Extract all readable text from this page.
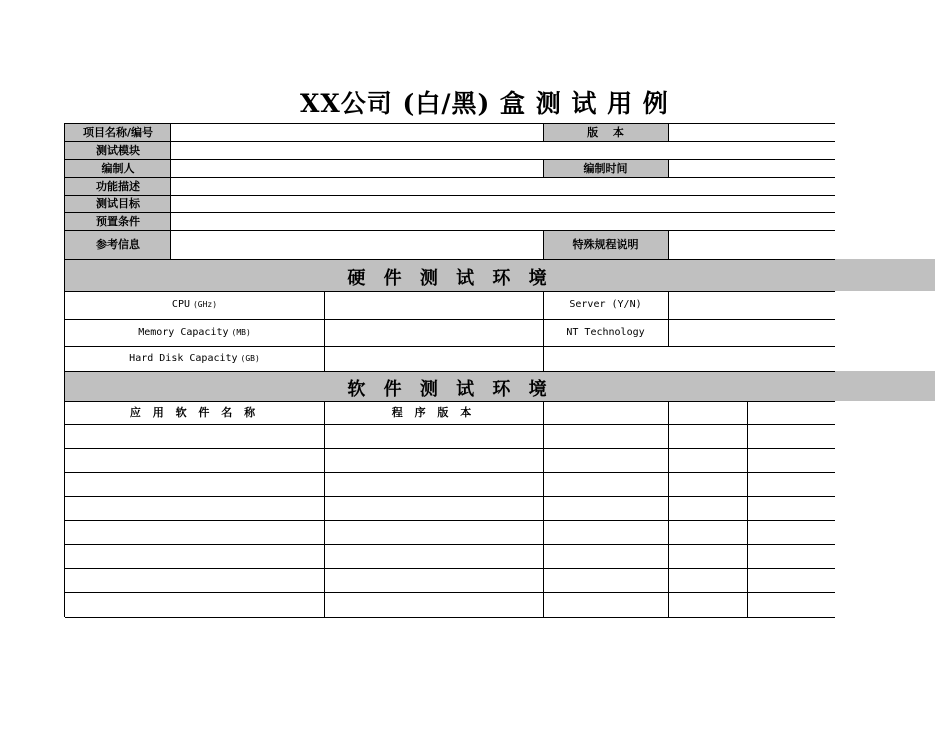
XX公司 (白/黑) 盒 测 试 用 例
项目名称/编号	版　 本
测试模块
编制人	编制时间
功能描述
测试目标
预置条件
参考信息	特殊规程说明
硬 件 测 试 环 境
CPU (GHz)	Server (Y/N)
Memory Capacity (MB)	NT Technology
Hard Disk Capacity (GB)
软 件 测 试 环 境
应 用 软 件 名 称	程 序 版 本
